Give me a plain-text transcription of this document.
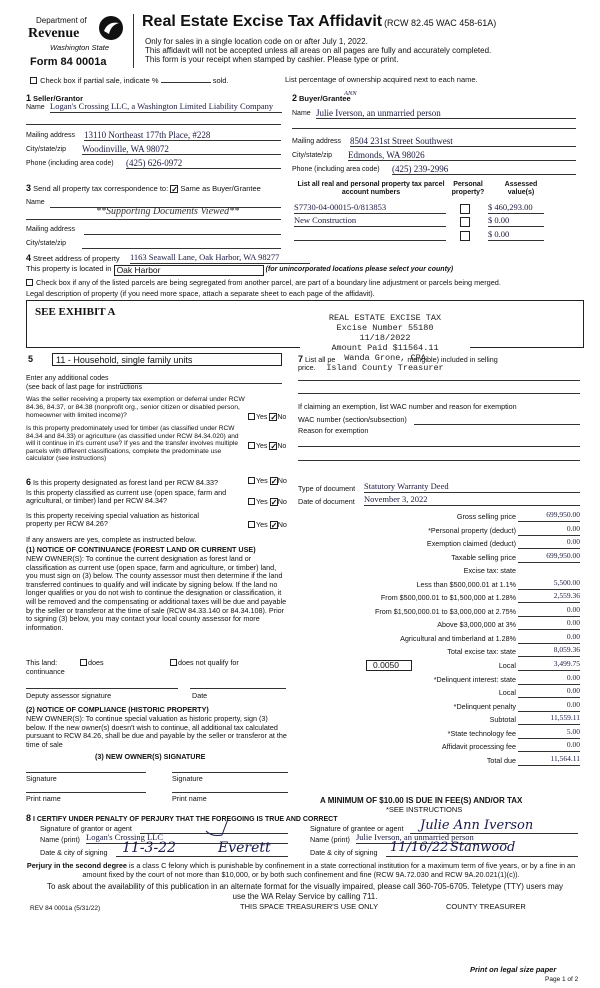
Department of
Revenue
Washington State
Form 84 0001a
Real Estate Excise Tax Affidavit (RCW 82.45 WAC 458-61A)
Only for sales in a single location code on or after July 1, 2022.
This affidavit will not be accepted unless all areas on all pages are fully and accurately completed.
This form is your receipt when stamped by cashier. Please type or print.
Check box if partial sale, indicate %	sold.	List percentage of ownership acquired next to each name.
1 Seller/Grantor
Name Logan's Crossing LLC, a Washington Limited Liability Company
Mailing address 13110 Northeast 177th Place, #228
City/state/zip Woodinville, WA 98072
Phone (including area code) (425) 626-0972
2 Buyer/Grantee
ANN
Name Julie Iverson, an unmarried person
Mailing address 8504 231st Street Southwest
City/state/zip Edmonds, WA 98026
Phone (including area code) (425) 239-2996
3 Send all property tax correspondence to: ✓ Same as Buyer/Grantee
Name
**Supporting Documents Viewed**
Mailing address
City/state/zip
List all real and personal property tax parcel account numbers
Personal property?
Assessed value(s)
S7730-04-00015-0/813853	$ 460,293.00
New Construction	$ 0.00
$ 0.00
4 Street address of property 1163 Seawall Lane, Oak Harbor, WA 98277
This property is located in Oak Harbor	(for unincorporated locations please select your county)
Check box if any of the listed parcels are being segregated from another parcel, are part of a boundary line adjustment or parcels being merged.
Legal description of property (if you need more space, attach a separate sheet to each page of the affidavit).
SEE EXHIBIT A	REAL ESTATE EXCISE TAX
Excise Number 55180
11/18/2022
Amount Paid $11564.11
Wanda Grone, CPA
Island County Treasurer
5	11 - Household, single family units
Enter any additional codes
(see back of last page for instructions
Was the seller receiving a property tax exemption or deferral under RCW 84.36, 84.37, or 84.38 (nonprofit org., senior citizen or disabled person, homeowner with limited income)?	Yes ✓No
Is this property predominately used for timber (as classified under RCW 84.34 and 84.33) or agriculture (as classified under RCW 84.34.020) and will it continue in it's current use? If yes and the transfer involves multiple parcels with different classifications, complete the predominate use calculator (see instructions)
Yes ✓No
7 List all pe	ntangible) included in selling
price.
If claiming an exemption, list WAC number and reason for exemption
WAC number (section/subsection)
Reason for exemption
6 Is this property designated as forest land per RCW 84.33?	Yes ✓No
Is this property classified as current use (open space, farm and agricultural, or timber) land per RCW 84.34?	Yes ✓No
Is this property receiving special valuation as historical property per RCW 84.26?	Yes ✓No
If any answers are yes, complete as instructed below.
(1) NOTICE OF CONTINUANCE (FOREST LAND OR CURRENT USE)
NEW OWNER(S): To continue the current designation as forest land or classification as current use (open space, farm and agriculture, or timber) land, you must sign on (3) below. The county assessor must then determine if the land transferred continues to qualify and will indicate by signing below. If the land no longer qualifies or you do not wish to continue the designation or classification, it will be removed and the compensating or additional taxes will be due and payable by the seller or transferor at the time of sale (RCW 84.33.140 or 84.34.108). Prior to signing (3) below, you may contact your local county assessor for more information.
This land:	does	does not qualify for
continuance
Deputy assessor signature	Date
(2) NOTICE OF COMPLIANCE (HISTORIC PROPERTY)
NEW OWNER(S): To continue special valuation as historic property, sign (3) below. If the new owner(s) doesn't wish to continue, all additional tax calculated pursuant to RCW 84.26, shall be due and payable by the seller or transferor at the time of sale
(3) NEW OWNER(S) SIGNATURE
Signature	Signature
Print name	Print name
Type of document Statutory Warranty Deed
Date of document November 3, 2022
Gross selling price	699,950.00
*Personal property (deduct)	0.00
Exemption claimed (deduct)	0.00
Taxable selling price	699,950.00
Excise tax: state
Less than $500,000.01 at 1.1%	5,500.00
From $500,000.01 to $1,500,000 at 1.28%	2,559.36
From $1,500,000.01 to $3,000,000 at 2.75%	0.00
Above $3,000,000 at 3%	0.00
Agricultural and timberland at 1.28%	0.00
Total excise tax: state	8,059.36
0.0050	Local	3,499.75
*Delinquent interest: state	0.00
Local	0.00
*Delinquent penalty	0.00
Subtotal	11,559.11
*State technology fee	5.00
Affidavit processing fee	0.00
Total due	11,564.11
A MINIMUM OF $10.00 IS DUE IN FEE(S) AND/OR TAX
*SEE INSTRUCTIONS
8 I CERTIFY UNDER PENALTY OF PERJURY THAT THE FOREGOING IS TRUE AND CORRECT
Signature of grantor or agent
Name (print) Logan's Crossing LLC
Date & city of signing 11-3-22	Everett
Signature of grantee or agent Julie Ann Iverson
Name (print) Julie Iverson, an unmarried person
Date & city of signing 11/16/22 Stanwood
Perjury in the second degree is a class C felony which is punishable by confinement in a state correctional institution for a maximum term of five years, or by a fine in an amount fixed by the court of not more than $10,000, or by both such confinement and fine (RCW 9A.72.030 and RCW 9A.20.021(1)(c)).
To ask about the availability of this publication in an alternate format for the visually impaired, please call 360-705-6705. Teletype (TTY) users may use the WA Relay Service by calling 711.
REV 84 0001a (5/31/22)	THIS SPACE TREASURER'S USE ONLY	COUNTY TREASURER
Print on legal size paper
Page 1 of 2
